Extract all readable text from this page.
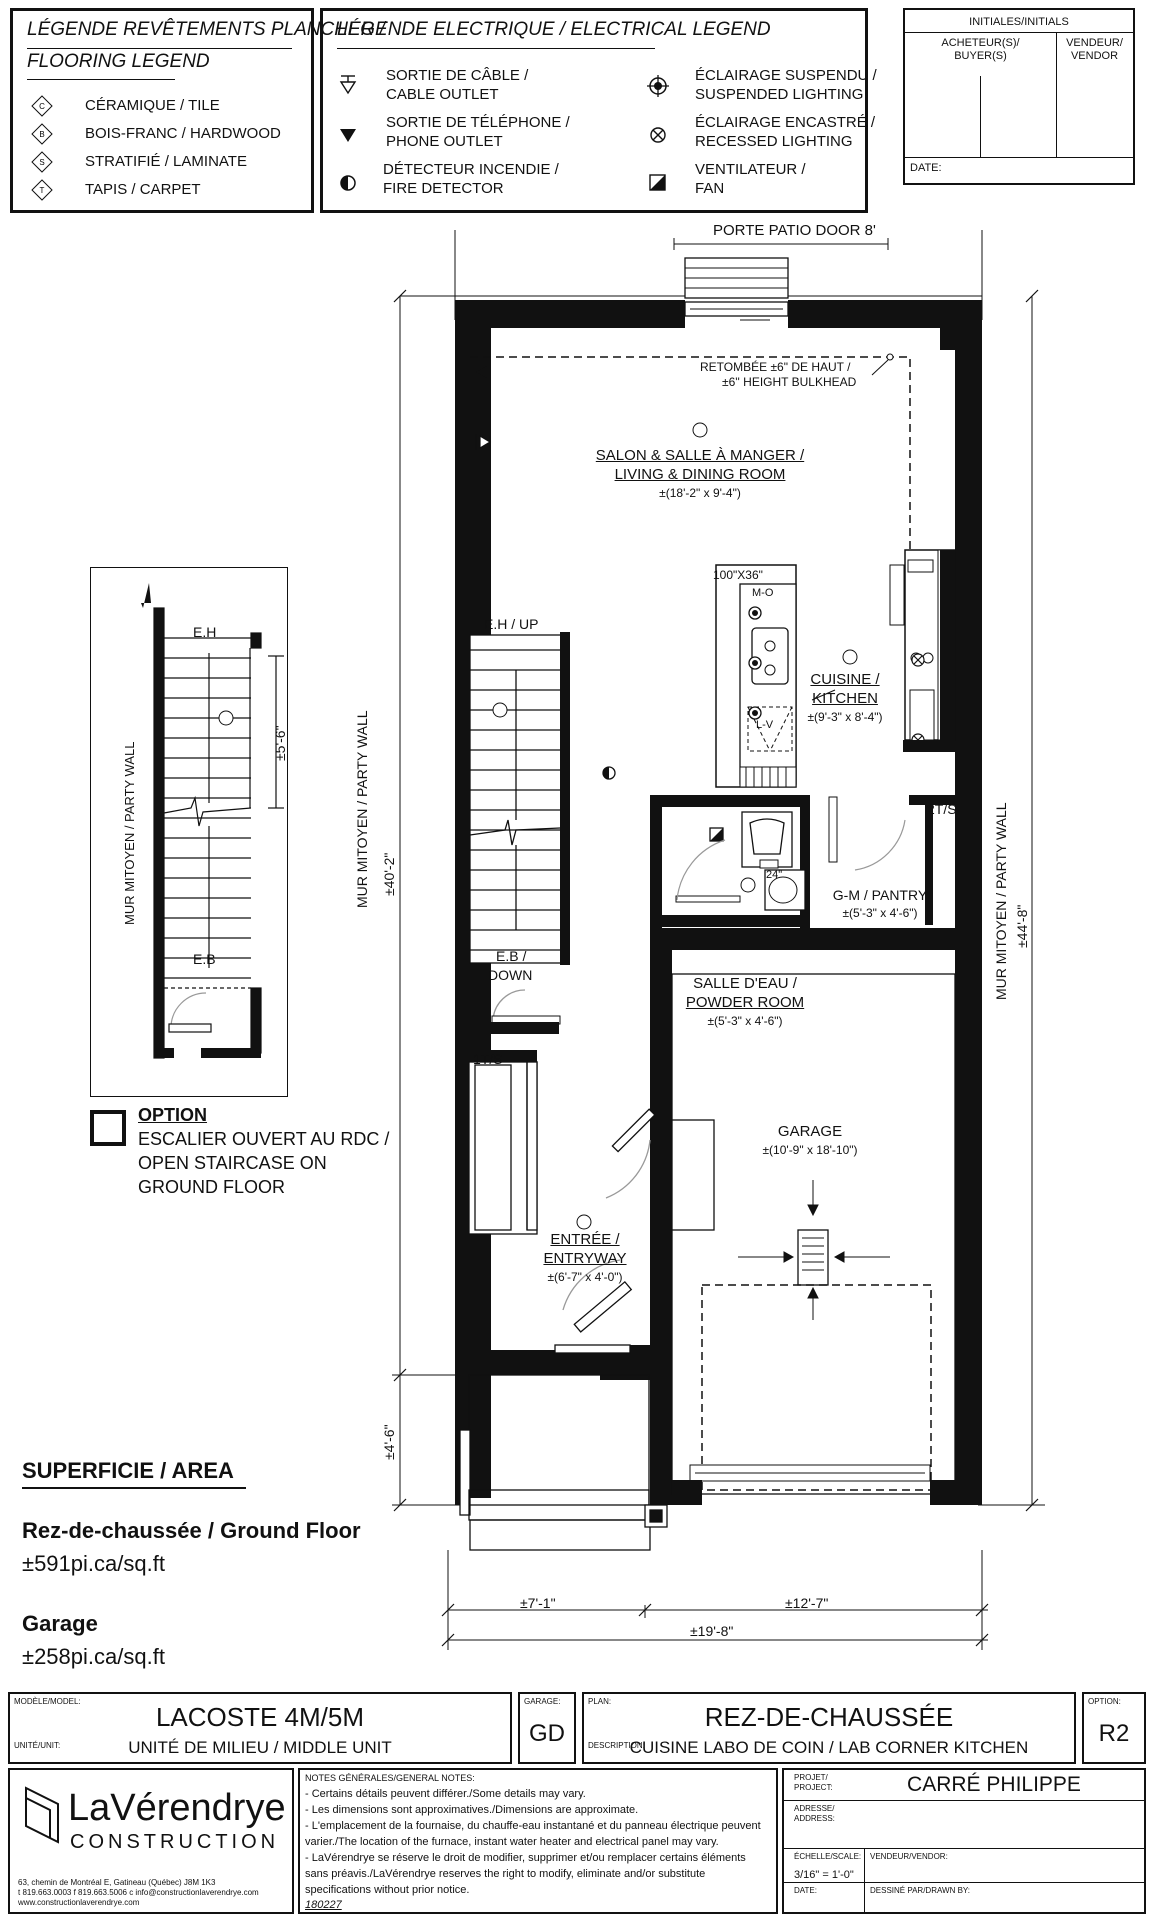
LÉGENDE REVÊTEMENTS PLANCHER /
FLOORING LEGEND
C	CÉRAMIQUE / TILE
B	BOIS-FRANC / HARDWOOD
S	STRATIFIÉ / LAMINATE
T	TAPIS / CARPET
LÉGENDE ELECTRIQUE / ELECTRICAL LEGEND
SORTIE DE CÂBLE /
CABLE OUTLET
SORTIE DE TÉLÉPHONE /
PHONE OUTLET
DÉTECTEUR INCENDIE /
FIRE DETECTOR
ÉCLAIRAGE SUSPENDU /
SUSPENDED LIGHTING
ÉCLAIRAGE ENCASTRÉ /
RECESSED LIGHTING
VENTILATEUR /
FAN
INITIALES/INITIALS
ACHETEUR(S)/
BUYER(S)
VENDEUR/
VENDOR
DATE:
PORTE PATIO DOOR 8'
RETOMBÉE ±6" DE HAUT /
±6'' HEIGHT BULKHEAD
SALON & SALLE À MANGER /
LIVING & DINING ROOM
±(18'-2" x 9'-4")
100"X36"
M-O
L-V
CUISINE /
KITCHEN
±(9'-3" x 8'-4")
E.H / UP
E.B /
DOWN
MUR MITOYEN / PARTY WALL	MUR MITOYEN / PARTY WALL
G-M / PANTRY
±(5'-3" x 4'-6")
2T/S
1T/S
SALLE D'EAU /
POWDER ROOM
±(5'-3" x 4'-6")
24"
GARAGE
±(10'-9" x 18'-10")
ENTRÉE /
ENTRYWAY
±(6'-7" x 4'-0")
±40'-2"
±4'-6"
±44'-8"
±7'-1"	±12'-7"
±19'-8"
E.H
E.B
±5'-6"
MUR MITOYEN / PARTY WALL
OPTION
ESCALIER OUVERT AU RDC /
OPEN STAIRCASE ON
GROUND FLOOR
SUPERFICIE / AREA
Rez-de-chaussée / Ground Floor
±591pi.ca/sq.ft
Garage
±258pi.ca/sq.ft
MODÈLE/MODEL:
LACOSTE 4M/5M
UNITÉ/UNIT:	UNITÉ DE MILIEU / MIDDLE UNIT
GARAGE:
GD
PLAN:
REZ-DE-CHAUSSÉE
DESCRIPTION:
CUISINE LABO DE COIN / LAB CORNER KITCHEN
OPTION:
R2
LaVérendrye
CONSTRUCTION
63, chemin de Montréal E, Gatineau (Québec) J8M 1K3
t 819.663.0003 f 819.663.5006 c info@constructionlaverendrye.com
www.constructionlaverendrye.com
NOTES GÉNÉRALES/GENERAL NOTES:
- Certains détails peuvent différer./Some details may vary.
- Les dimensions sont approximatives./Dimensions are approximate.
- L'emplacement de la fournaise, du chauffe-eau instantané et du panneau électrique peuvent
varier./The location of the furnace, instant water heater and electrical panel may vary.
- LaVérendrye se réserve le droit de modifier, supprimer et/ou remplacer certains éléments
sans préavis./LaVérendrye reserves the right to modify, eliminate and/or substitute
specifications without prior notice.
180227
PROJET/
PROJECT:	CARRÉ PHILIPPE
ADRESSE/
ADDRESS:
ÉCHELLE/SCALE:
3/16" = 1'-0"
VENDEUR/VENDOR:
DATE:	DESSINÉ PAR/DRAWN BY:
